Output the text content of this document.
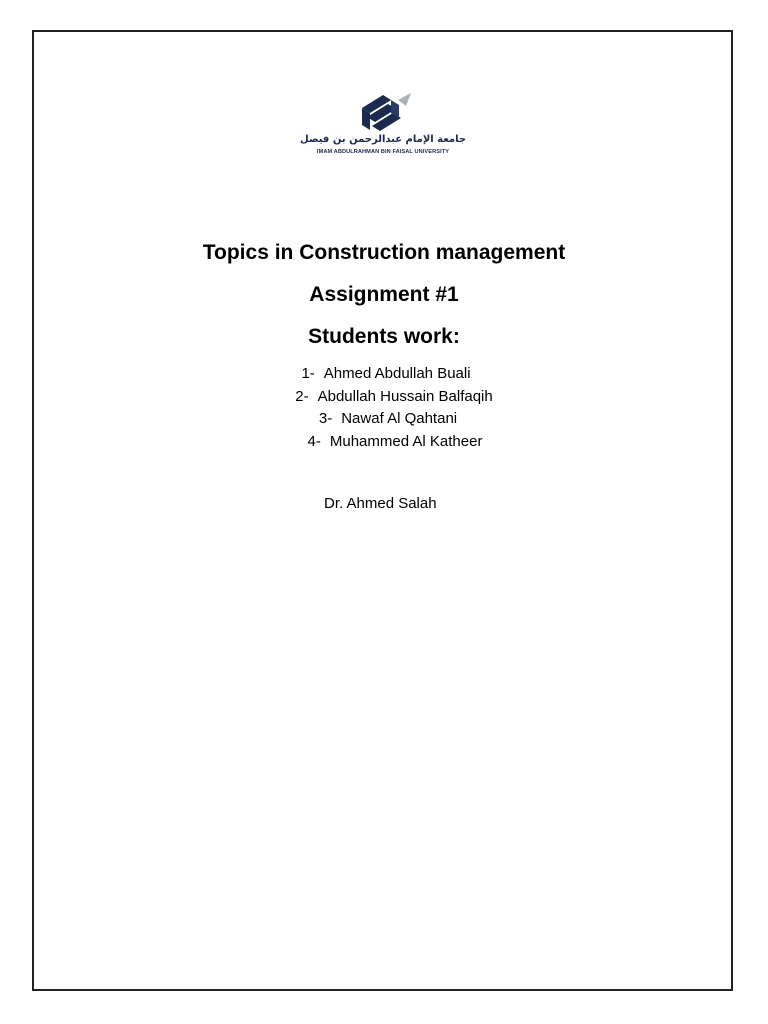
جامعة الإمام عبدالرحمن بن فيصل
IMAM ABDULRAHMAN BIN FAISAL UNIVERSITY
Topics in Construction management
Assignment #1
Students work:
1- Ahmed Abdullah Buali
2- Abdullah Hussain Balfaqih
3- Nawaf Al Qahtani
4- Muhammed Al Katheer
Dr. Ahmed Salah
